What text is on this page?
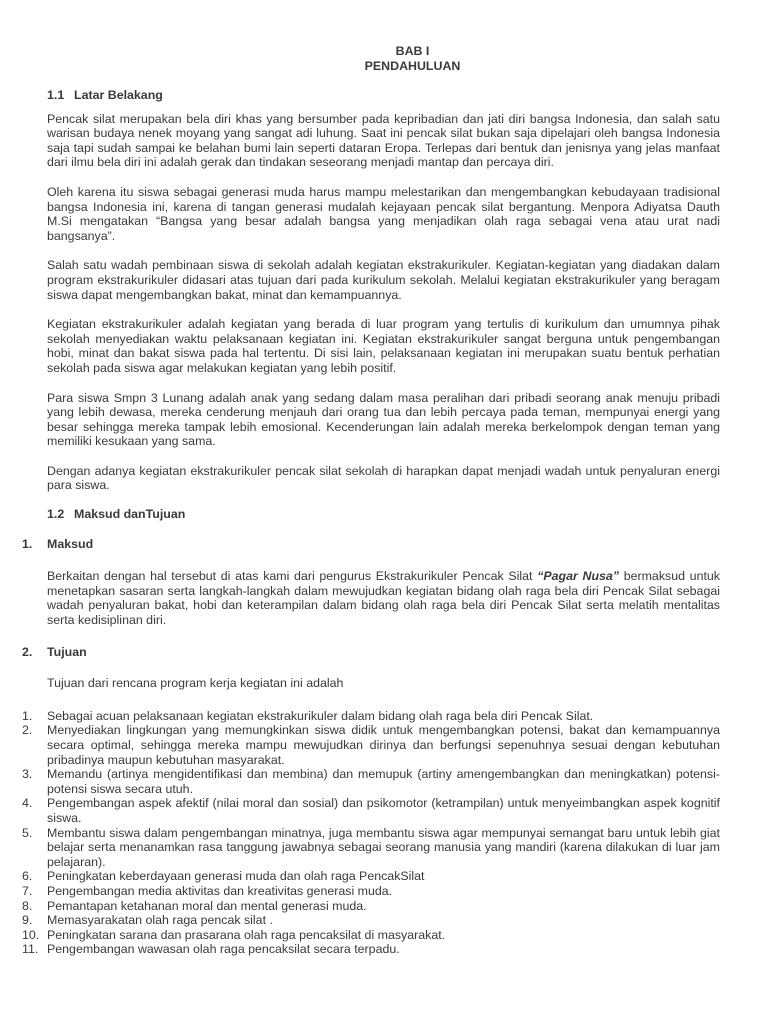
BAB I
PENDAHULUAN
1.1 Latar Belakang

Pencak silat merupakan bela diri khas yang bersumber pada kepribadian dan jati diri bangsa Indonesia, dan salah satu warisan budaya nenek moyang yang sangat adi luhung. Saat ini pencak silat bukan saja dipelajari oleh bangsa Indonesia saja tapi sudah sampai ke belahan bumi lain seperti dataran Eropa. Terlepas dari bentuk dan jenisnya yang jelas manfaat dari ilmu bela diri ini adalah gerak dan tindakan seseorang menjadi mantap dan percaya diri.

Oleh karena itu siswa sebagai generasi muda harus mampu melestarikan dan mengembangkan kebudayaan tradisional bangsa Indonesia ini, karena di tangan generasi mudalah kejayaan pencak silat bergantung. Menpora Adiyatsa Dauth M.Si mengatakan “Bangsa yang besar adalah bangsa yang menjadikan olah raga sebagai vena atau urat nadi bangsanya”.

Salah satu wadah pembinaan siswa di sekolah adalah kegiatan ekstrakurikuler. Kegiatan-kegiatan yang diadakan dalam program ekstrakurikuler didasari atas tujuan dari pada kurikulum sekolah. Melalui kegiatan ekstrakurikuler yang beragam siswa dapat mengembangkan bakat, minat dan kemampuannya.

Kegiatan ekstrakurikuler adalah kegiatan yang berada di luar program yang tertulis di kurikulum dan umumnya pihak sekolah menyediakan waktu pelaksanaan kegiatan ini. Kegiatan ekstrakurikuler sangat berguna untuk pengembangan hobi, minat dan bakat siswa pada hal tertentu. Di sisi lain, pelaksanaan kegiatan ini merupakan suatu bentuk perhatian sekolah pada siswa agar melakukan kegiatan yang lebih positif.

Para siswa Smpn 3 Lunang adalah anak yang sedang dalam masa peralihan dari pribadi seorang anak menuju pribadi yang lebih dewasa, mereka cenderung menjauh dari orang tua dan lebih percaya pada teman, mempunyai energi yang besar sehingga mereka tampak lebih emosional. Kecenderungan lain adalah mereka berkelompok dengan teman yang memiliki kesukaan yang sama.

Dengan adanya kegiatan ekstrakurikuler pencak silat sekolah di harapkan dapat menjadi wadah untuk penyaluran energi para siswa.

1.2 Maksud danTujuan
1.	Maksud

Berkaitan dengan hal tersebut di atas kami dari pengurus Ekstrakurikuler Pencak Silat “Pagar Nusa” bermaksud untuk menetapkan sasaran serta langkah-langkah dalam mewujudkan kegiatan bidang olah raga bela diri Pencak Silat sebagai wadah penyaluran bakat, hobi dan keterampilan dalam bidang olah raga bela diri Pencak Silat serta melatih mentalitas serta kedisiplinan diri.

2.	Tujuan

Tujuan dari rencana program kerja kegiatan ini adalah

1.	Sebagai acuan pelaksanaan kegiatan ekstrakurikuler dalam bidang olah raga bela diri Pencak Silat.
2.	Menyediakan lingkungan yang memungkinkan siswa didik untuk mengembangkan potensi, bakat dan kemampuannya secara optimal, sehingga mereka mampu mewujudkan dirinya dan berfungsi sepenuhnya sesuai dengan kebutuhan pribadinya maupun kebutuhan masyarakat.
3.	Memandu (artinya mengidentifikasi dan membina) dan memupuk (artiny amengembangkan dan meningkatkan) potensi-potensi siswa secara utuh.
4.	Pengembangan aspek afektif (nilai moral dan sosial) dan psikomotor (ketrampilan) untuk menyeimbangkan aspek kognitif siswa.
5.	Membantu siswa dalam pengembangan minatnya, juga membantu siswa agar mempunyai semangat baru untuk lebih giat belajar serta menanamkan rasa tanggung jawabnya sebagai seorang manusia yang mandiri (karena dilakukan di luar jam pelajaran).
6.	Peningkatan keberdayaan generasi muda dan olah raga PencakSilat
7.	Pengembangan media aktivitas dan kreativitas generasi muda.
8.	Pemantapan ketahanan moral dan mental generasi muda.
9.	Memasyarakatan olah raga pencak silat .
10. Peningkatan sarana dan prasarana olah raga pencaksilat di masyarakat.
11. Pengembangan wawasan olah raga pencaksilat secara terpadu.
